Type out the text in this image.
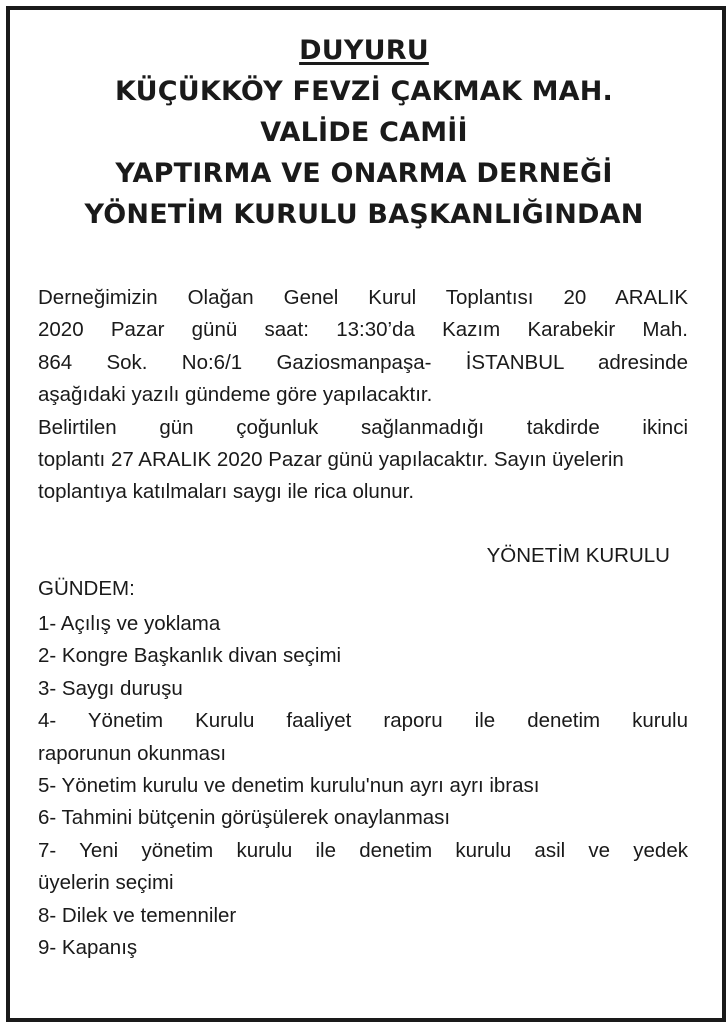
DUYURU
KÜÇÜKKÖY FEVZİ ÇAKMAK MAH.
VALİDE CAMİİ
YAPTIRMA VE ONARMA DERNEĞİ
YÖNETİM KURULU BAŞKANLIĞINDAN
Derneğimizin Olağan Genel Kurul Toplantısı 20 ARALIK
2020 Pazar günü saat: 13:30’da Kazım Karabekir Mah.
864 Sok. No:6/1 Gaziosmanpaşa- İSTANBUL adresinde
aşağıdaki yazılı gündeme göre yapılacaktır.
Belirtilen gün çoğunluk sağlanmadığı takdirde ikinci
toplantı 27 ARALIK 2020 Pazar günü yapılacaktır. Sayın üyelerin toplantıya katılmaları saygı ile rica olunur.
YÖNETİM KURULU
GÜNDEM:
1- Açılış ve yoklama
2- Kongre Başkanlık divan seçimi
3- Saygı duruşu
4- Yönetim Kurulu faaliyet raporu ile denetim kurulu
raporunun okunması
5- Yönetim kurulu ve denetim kurulu'nun ayrı ayrı ibrası
6- Tahmini bütçenin görüşülerek onaylanması
7- Yeni yönetim kurulu ile denetim kurulu asil ve yedek
üyelerin seçimi
8- Dilek ve temenniler
9- Kapanış
